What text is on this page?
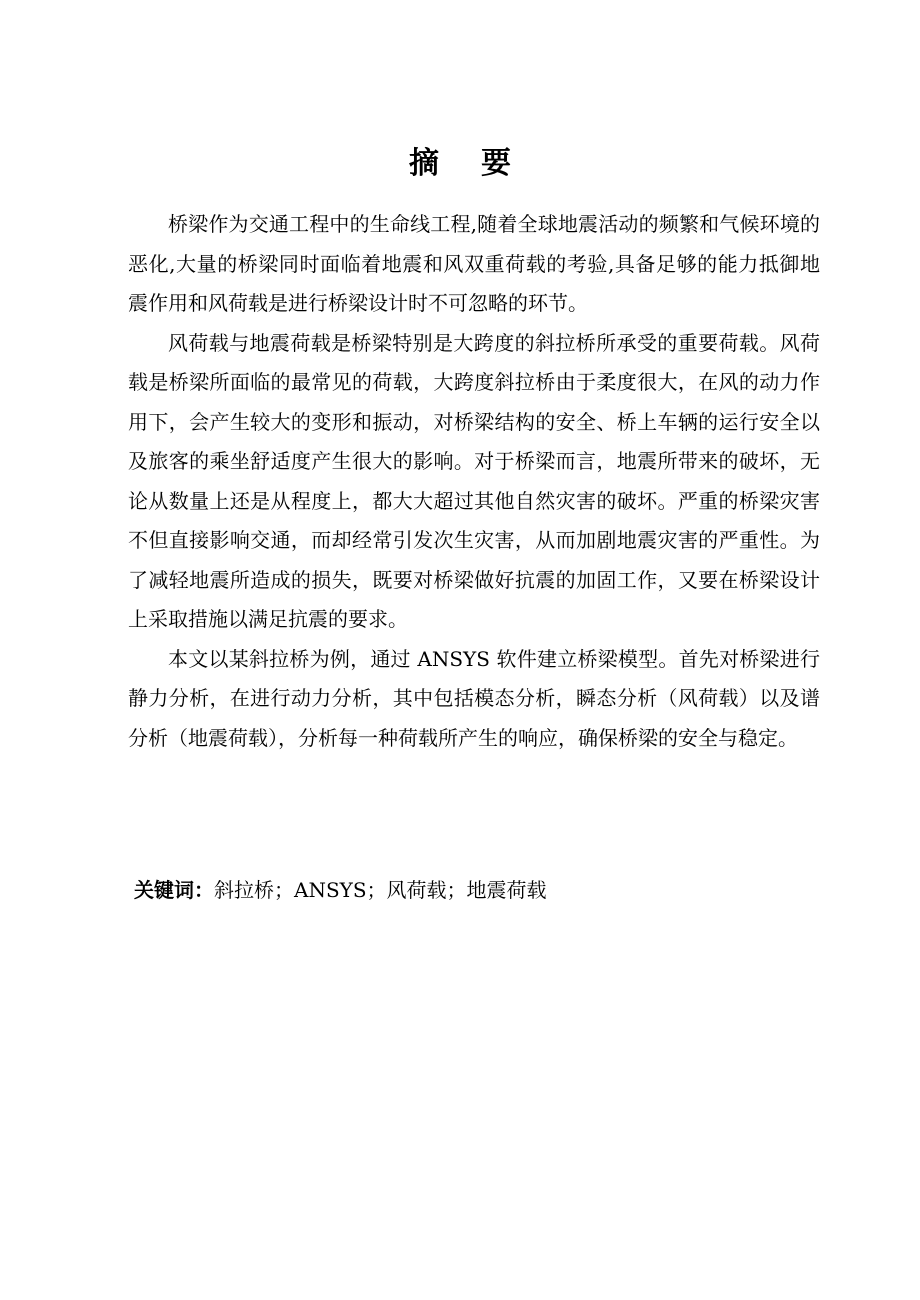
摘要

桥梁作为交通工程中的生命线工程,随着全球地震活动的频繁和气候环境的恶化,大量的桥梁同时面临着地震和风双重荷载的考验,具备足够的能力抵御地震作用和风荷载是进行桥梁设计时不可忽略的环节。

风荷载与地震荷载是桥梁特别是大跨度的斜拉桥所承受的重要荷载。风荷载是桥梁所面临的最常见的荷载，大跨度斜拉桥由于柔度很大，在风的动力作用下，会产生较大的变形和振动，对桥梁结构的安全、桥上车辆的运行安全以及旅客的乘坐舒适度产生很大的影响。对于桥梁而言，地震所带来的破坏，无论从数量上还是从程度上，都大大超过其他自然灾害的破坏。严重的桥梁灾害不但直接影响交通，而却经常引发次生灾害，从而加剧地震灾害的严重性。为了减轻地震所造成的损失，既要对桥梁做好抗震的加固工作，又要在桥梁设计上采取措施以满足抗震的要求。

本文以某斜拉桥为例，通过 ANSYS 软件建立桥梁模型。首先对桥梁进行静力分析，在进行动力分析，其中包括模态分析，瞬态分析（风荷载）以及谱分析（地震荷载），分析每一种荷载所产生的响应，确保桥梁的安全与稳定。

关键词：斜拉桥；ANSYS；风荷载；地震荷载
